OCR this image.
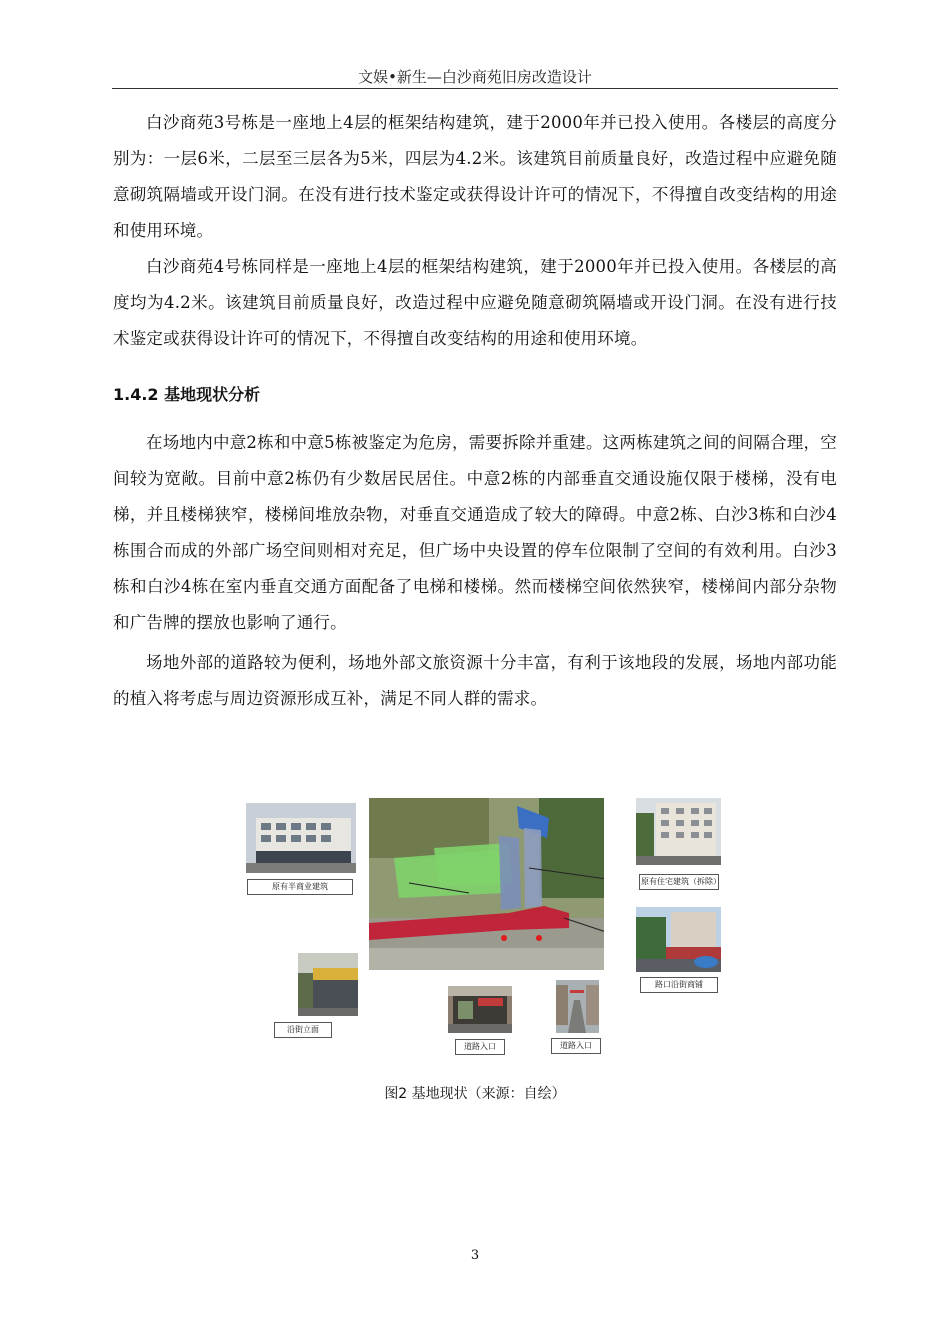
文娱•新生—白沙商苑旧房改造设计

白沙商苑3号栋是一座地上4层的框架结构建筑，建于2000年并已投入使用。各楼层的高度分别为：一层6米，二层至三层各为5米，四层为4.2米。该建筑目前质量良好，改造过程中应避免随意砌筑隔墙或开设门洞。在没有进行技术鉴定或获得设计许可的情况下，不得擅自改变结构的用途和使用环境。

白沙商苑4号栋同样是一座地上4层的框架结构建筑，建于2000年并已投入使用。各楼层的高度均为4.2米。该建筑目前质量良好，改造过程中应避免随意砌筑隔墙或开设门洞。在没有进行技术鉴定或获得设计许可的情况下，不得擅自改变结构的用途和使用环境。

1.4.2 基地现状分析

在场地内中意2栋和中意5栋被鉴定为危房，需要拆除并重建。这两栋建筑之间的间隔合理，空间较为宽敞。目前中意2栋仍有少数居民居住。中意2栋的内部垂直交通设施仅限于楼梯，没有电梯，并且楼梯狭窄，楼梯间堆放杂物，对垂直交通造成了较大的障碍。中意2栋、白沙3栋和白沙4栋围合而成的外部广场空间则相对充足，但广场中央设置的停车位限制了空间的有效利用。白沙3栋和白沙4栋在室内垂直交通方面配备了电梯和楼梯。然而楼梯空间依然狭窄，楼梯间内部分杂物和广告牌的摆放也影响了通行。

场地外部的道路较为便利，场地外部文旅资源十分丰富，有利于该地段的发展，场地内部功能的植入将考虑与周边资源形成互补，满足不同人群的需求。

原有半商业建筑
原有住宅建筑（拆除）
路口沿街商铺
沿街立面
道路入口	道路入口
图2 基地现状（来源：自绘）
3
